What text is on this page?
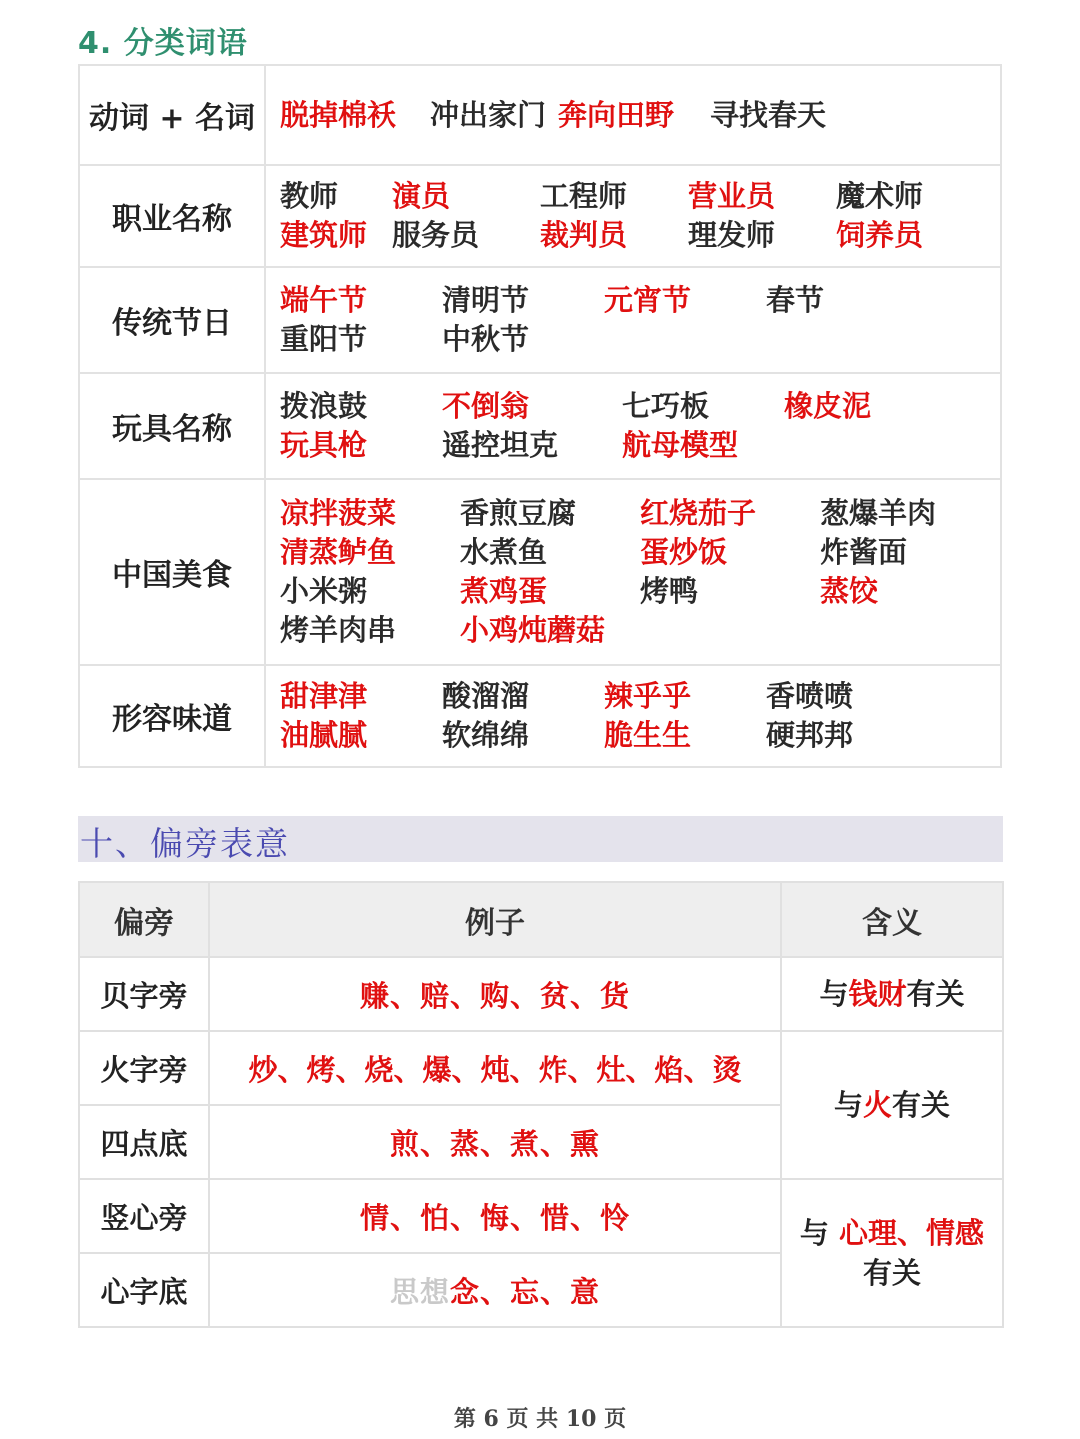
4. 分类词语
动词 + 名词	脱掉棉袄 冲出家门 奔向田野 寻找春天

职业名称	教师 演员 工程师 营业员 魔术师
建筑师 服务员 裁判员 理发师 饲养员

传统节日	端午节 清明节 元宵节 春节
重阳节 中秋节

玩具名称	拨浪鼓 不倒翁 七巧板 橡皮泥
玩具枪 遥控坦克 航母模型

中国美食	凉拌菠菜 香煎豆腐 红烧茄子 葱爆羊肉
清蒸鲈鱼 水煮鱼 蛋炒饭 炸酱面
小米粥 煮鸡蛋 烤鸭 蒸饺
烤羊肉串 小鸡炖蘑菇

形容味道	甜津津 酸溜溜 辣乎乎 香喷喷
油腻腻 软绵绵 脆生生 硬邦邦
十、偏旁表意
偏旁	例子	含义
贝字旁	赚、赔、购、贫、货	与钱财有关
火字旁	炒、烤、烧、爆、炖、炸、灶、焰、烫	与火有关
四点底	煎、蒸、煮、熏	
竖心旁	情、怕、悔、惜、怜	与 心理、情感
有关
心字底	思想念、忘、意	
第 6 页 共 10 页
